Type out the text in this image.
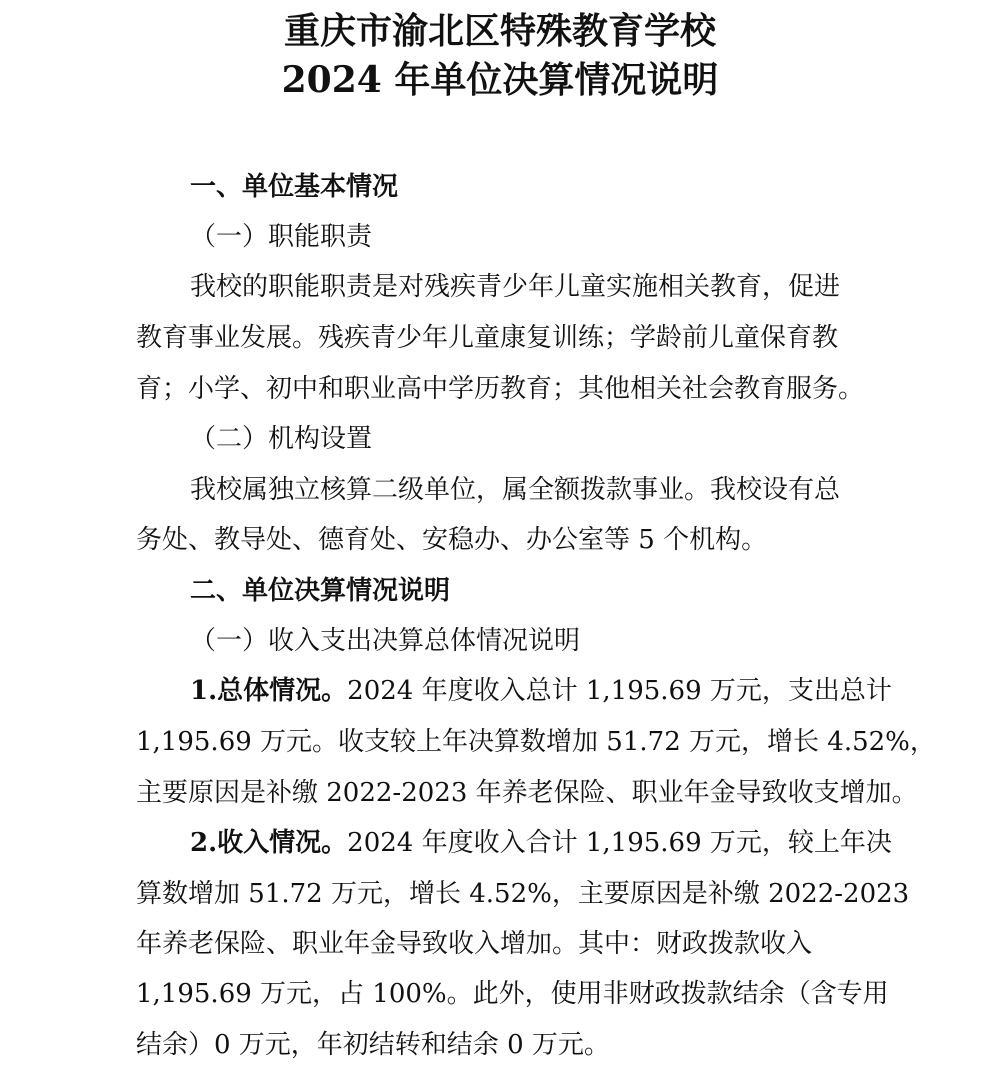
重庆市渝北区特殊教育学校
2024 年单位决算情况说明
一、单位基本情况
（一）职能职责
我校的职能职责是对残疾青少年儿童实施相关教育，促进
教育事业发展。残疾青少年儿童康复训练；学龄前儿童保育教
育；小学、初中和职业高中学历教育；其他相关社会教育服务。
（二）机构设置
我校属独立核算二级单位，属全额拨款事业。我校设有总
务处、教导处、德育处、安稳办、办公室等 5 个机构。
二、单位决算情况说明
（一）收入支出决算总体情况说明
1.总体情况。2024 年度收入总计 1,195.69 万元，支出总计
1,195.69 万元。收支较上年决算数增加 51.72 万元，增长 4.52%，
主要原因是补缴 2022-2023 年养老保险、职业年金导致收支增加。
2.收入情况。2024 年度收入合计 1,195.69 万元，较上年决
算数增加 51.72 万元，增长 4.52%，主要原因是补缴 2022-2023
年养老保险、职业年金导致收入增加。其中：财政拨款收入
1,195.69 万元，占 100%。此外，使用非财政拨款结余（含专用
结余）0 万元，年初结转和结余 0 万元。
